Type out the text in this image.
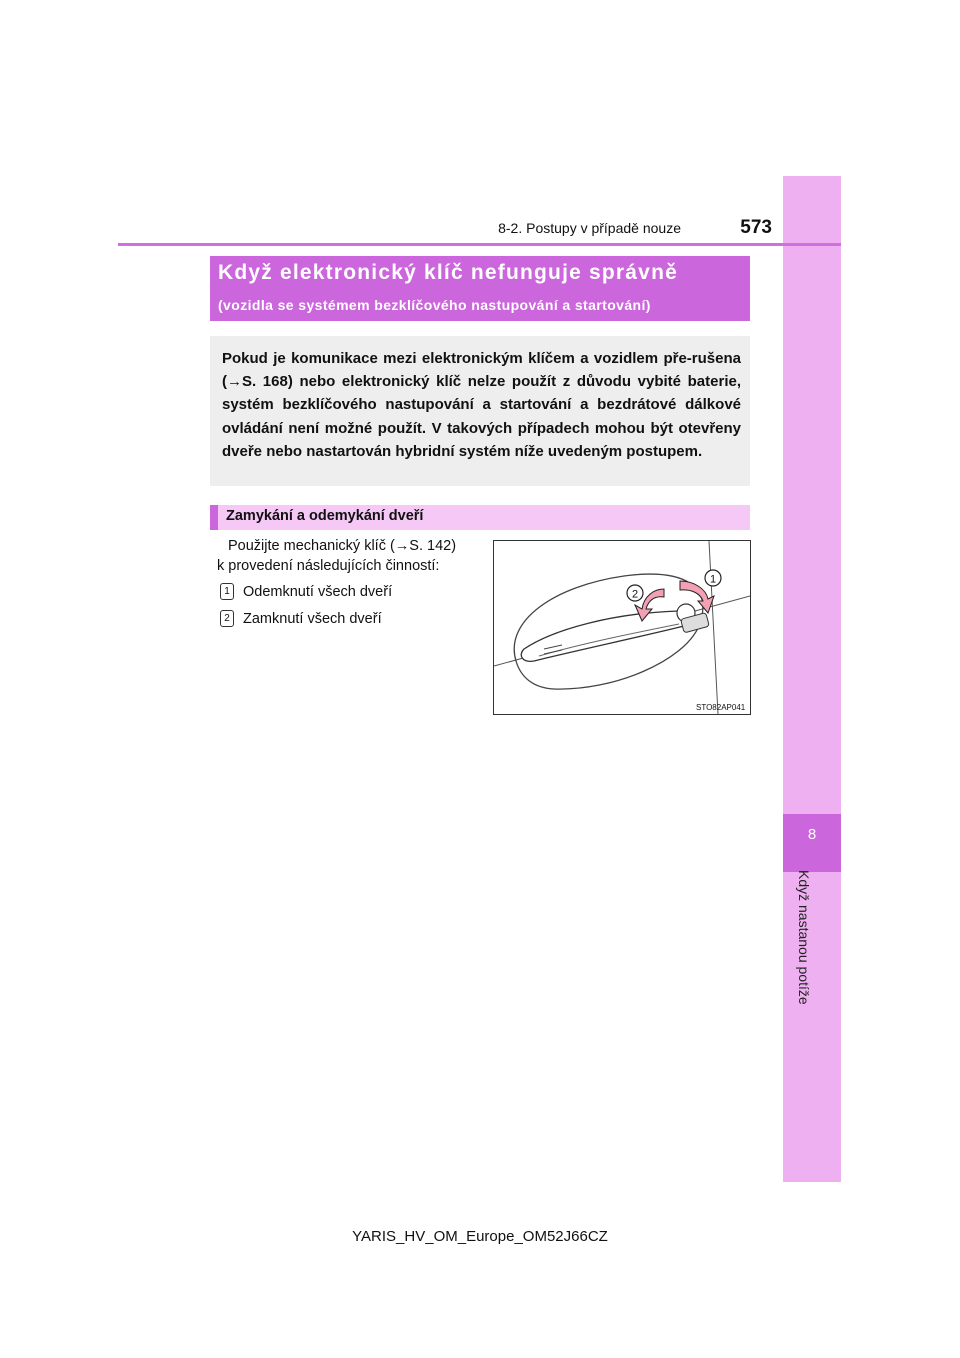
8
Když nastanou potíže
8-2. Postupy v případě nouze	573
Když elektronický klíč nefunguje správně
(vozidla se systémem bezklíčového nastupování a startování)
Pokud je komunikace mezi elektronickým klíčem a vozidlem pře-rušena (→S. 168) nebo elektronický klíč nelze použít z důvodu vybité baterie, systém bezklíčového nastupování a startování a bezdrátové dálkové ovládání není možné použít. V takových případech mohou být otevřeny dveře nebo nastartován hybridní systém níže uvedeným postupem.
Zamykání a odemykání dveří
Použijte mechanický klíč (→S. 142)
k provedení následujících činností:
1 Odemknutí všech dveří
2 Zamknutí všech dveří
2
1
STO82AP041
YARIS_HV_OM_Europe_OM52J66CZ
